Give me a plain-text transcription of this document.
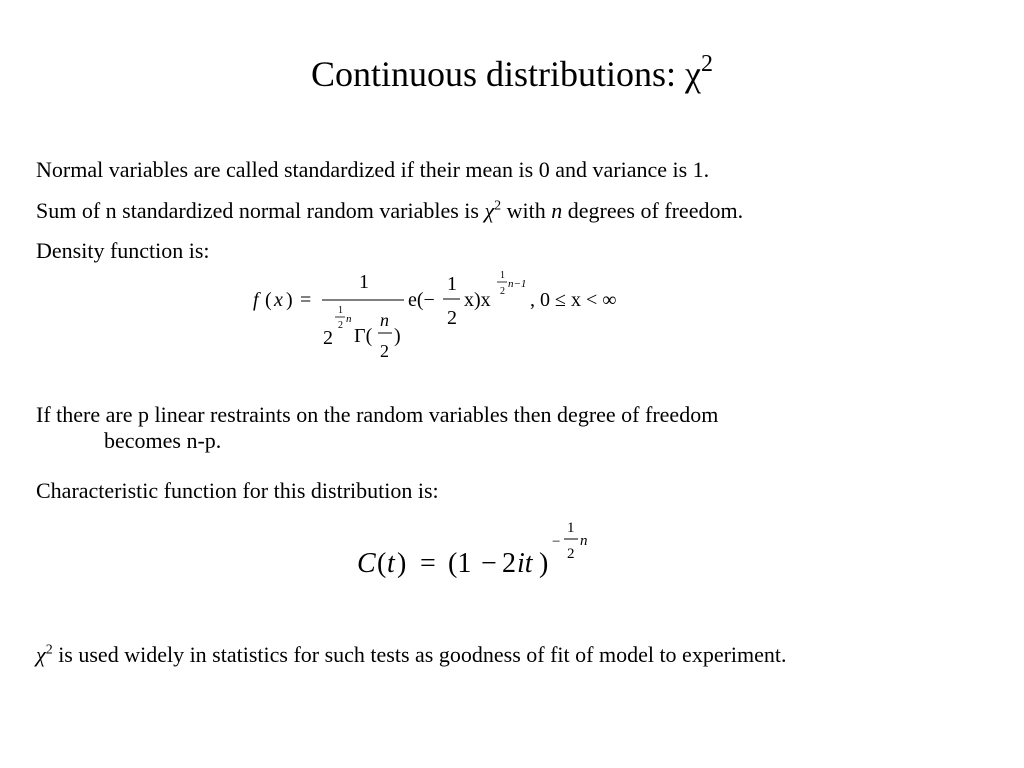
Continuous distributions: $\chi^2$
Normal variables are called standardized if their mean is 0 and variance is 1.
Sum of n standardized normal random variables is $\chi^2$ with n degrees of freedom.
Density function is:
f ( x ) =
1
2
1
2
n
Γ(
n
2
)
e(−
1
2
x)x
1
2
n−1
, 0 ≤ x < ∞
If there are p linear restraints on the random variables then degree of freedom
becomes n-p.
Characteristic function for this distribution is:
C ( t ) = (1 − 2 it )
−
1
2
n
$\chi^2$ is used widely in statistics for such tests as goodness of fit of model to experiment.
